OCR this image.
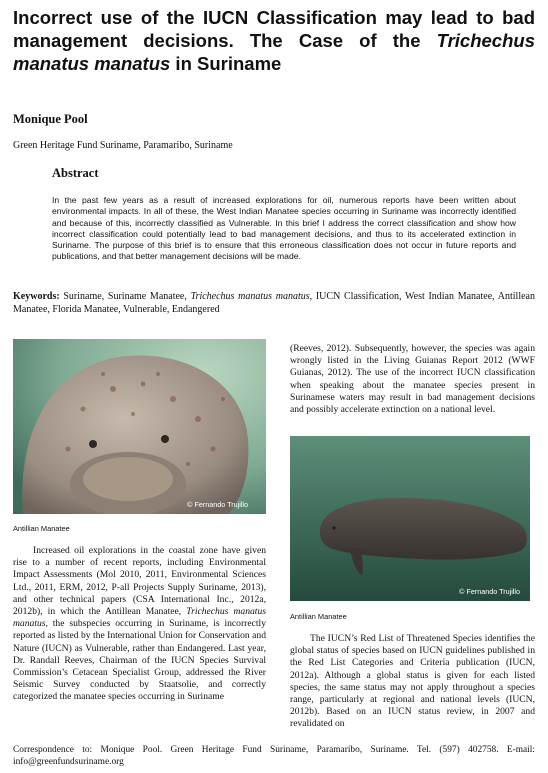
Incorrect use of the IUCN Classification may lead to bad management decisions. The Case of the Trichechus manatus manatus in Suriname
Monique Pool
Green Heritage Fund Suriname, Paramaribo, Suriname
Abstract

In the past few years as a result of increased explorations for oil, numerous reports have been written about environmental impacts. In all of these, the West Indian Manatee species occurring in Suriname was incorrectly identified and because of this, incorrectly classified as Vulnerable. In this brief I address the correct classification and show how incorrect classification could potentially lead to bad management decisions, and thus to its accelerated extinction in Suriname. The purpose of this brief is to ensure that this erroneous classification does not occur in future reports and publications, and that better management decisions will be made.

Keywords: Suriname, Suriname Manatee, Trichechus manatus manatus, IUCN Classification, West Indian Manatee, Antillean Manatee, Florida Manatee, Vulnerable, Endangered

© Fernando Trujillo
Antillian Manatee

Increased oil explorations in the coastal zone have given rise to a number of recent reports, including Environmental Impact Assessments (Mol 2010, 2011, Environmental Sciences Ltd., 2011, ERM, 2012, P-all Projects Supply Suriname, 2013), and other technical papers (CSA International Inc., 2012a, 2012b), in which the Antillean Manatee, Trichechus manatus manatus, the subspecies occurring in Suriname, is incorrectly reported as listed by the International Union for Conservation and Nature (IUCN) as Vulnerable, rather than Endangered. Last year, Dr. Randall Reeves, Chairman of the IUCN Species Survival Commission’s Cetacean Specialist Group, addressed the River Seismic Survey conducted by Staatsolie, and correctly categorized the manatee species occurring in Suriname

(Reeves, 2012). Subsequently, however, the species was again wrongly listed in the Living Guianas Report 2012 (WWF Guianas, 2012). The use of the incorrect IUCN classification when speaking about the manatee species present in Surinamese waters may result in bad management decisions and possibly accelerate extinction on a national level.

© Fernando Trujillo
Antillian Manatee

The IUCN’s Red List of Threatened Species identifies the global status of species based on IUCN guidelines published in the Red List Categories and Criteria publication (IUCN, 2012a). Although a global status is given for each listed species, the same status may not apply throughout a species range, particularly at regional and national levels (IUCN, 2012b). Based on an IUCN status review, in 2007 and revalidated on

Correspondence to: Monique Pool. Green Heritage Fund Suriname, Paramaribo, Suriname. Tel. (597) 402758. E-mail: info@greenfundsuriname.org
